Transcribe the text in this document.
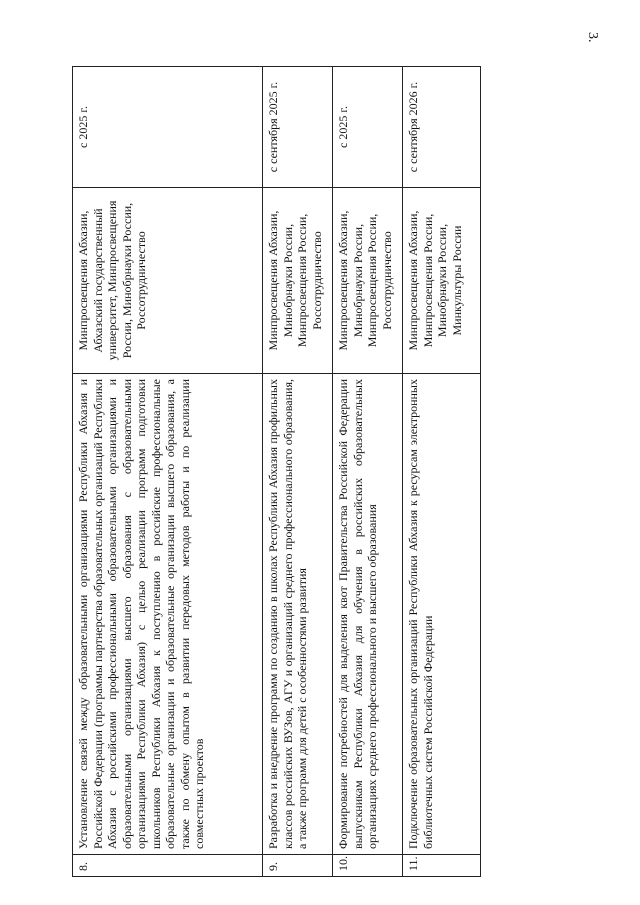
3.
8.	Установление связей между образовательными организациями Республики Абхазия и Российской Федерации (программы партнерства образовательных организаций Республики Абхазия с российскими профессиональными образовательными организациями и образовательными организациями высшего образования с образовательными организациями Республики Абхазия) с целью реализации программ подготовки школьников Республики Абхазия к поступлению в российские профессиональные образовательные организации и образовательные организации высшего образования, а также по обмену опытом в развитии передовых методов работы и по реализации совместных проектов	Минпросвещения Абхазии, Абхазский государственный университет, Минпросвещения России, Минобрнауки России, Россотрудничество	с 2025 г.
9.	Разработка и внедрение программ по созданию в школах Республики Абхазия профильных классов российских ВУЗов, АГУ и организаций среднего профессионального образования, а также программ для детей с особенностями развития	Минпросвещения Абхазии, Минобрнауки России, Минпросвещения России, Россотрудничество	с сентября 2025 г.
10.	Формирование потребностей для выделения квот Правительства Российской Федерации выпускникам Республики Абхазия для обучения в российских образовательных организациях среднего профессионального и высшего образования	Минпросвещения Абхазии, Минобрнауки России, Минпросвещения России, Россотрудничество	с 2025 г.
11.	Подключение образовательных организаций Республики Абхазия к ресурсам электронных библиотечных систем Российской Федерации	Минпросвещения Абхазии, Минпросвещения России, Минобрнауки России, Минкультуры России	с сентября 2026 г.
